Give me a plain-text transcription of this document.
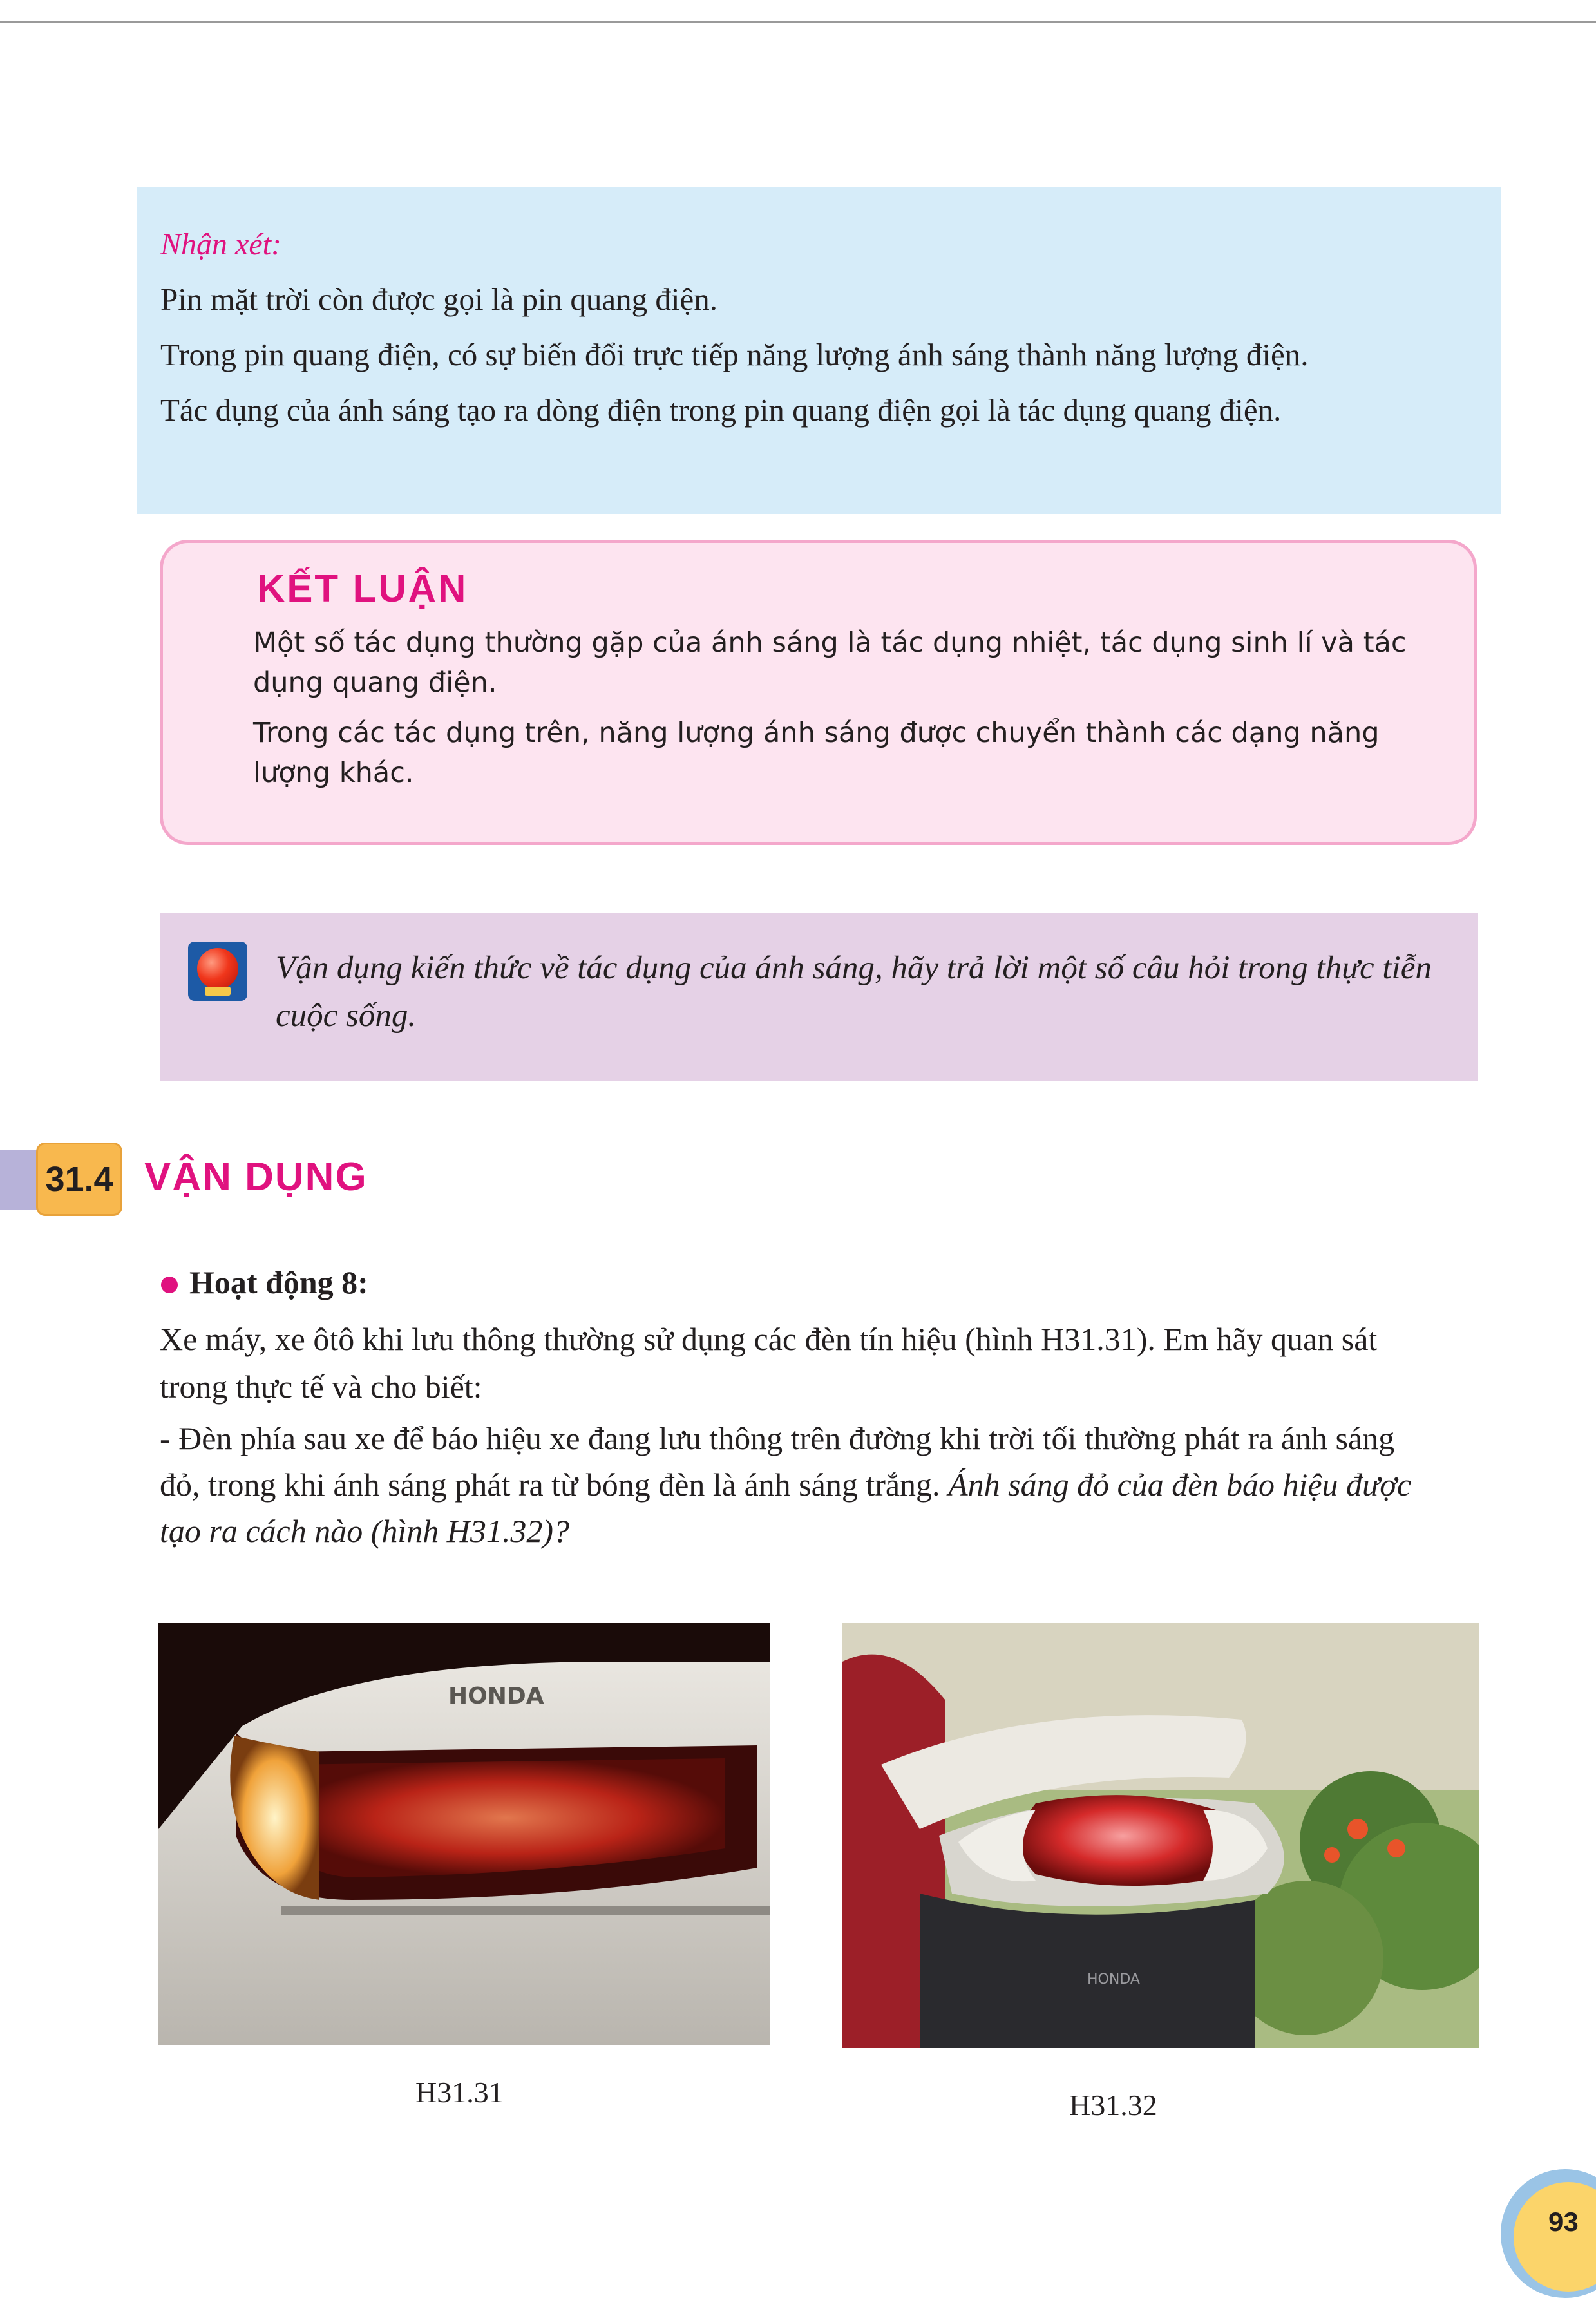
Nhận xét:
Pin mặt trời còn được gọi là pin quang điện.
Trong pin quang điện, có sự biến đổi trực tiếp năng lượng ánh sáng thành năng lượng điện.
Tác dụng của ánh sáng tạo ra dòng điện trong pin quang điện gọi là tác dụng quang điện.
KẾT LUẬN
Một số tác dụng thường gặp của ánh sáng là tác dụng nhiệt, tác dụng sinh lí và tác
dụng quang điện.
Trong các tác dụng trên, năng lượng ánh sáng được chuyển thành các dạng năng
lượng khác.
Vận dụng kiến thức về tác dụng của ánh sáng, hãy trả lời một số câu hỏi trong thực tiễn
cuộc sống.
31.4 VẬN DỤNG
Hoạt động 8:
Xe máy, xe ôtô khi lưu thông thường sử dụng các đèn tín hiệu (hình H31.31). Em hãy quan sát
trong thực tế và cho biết:
- Đèn phía sau xe để báo hiệu xe đang lưu thông trên đường khi trời tối thường phát ra ánh sáng
đỏ, trong khi ánh sáng phát ra từ bóng đèn là ánh sáng trắng. Ánh sáng đỏ của đèn báo hiệu được
tạo ra cách nào (hình H31.32)?
HONDA
H31.31
HONDA
H31.32
93
